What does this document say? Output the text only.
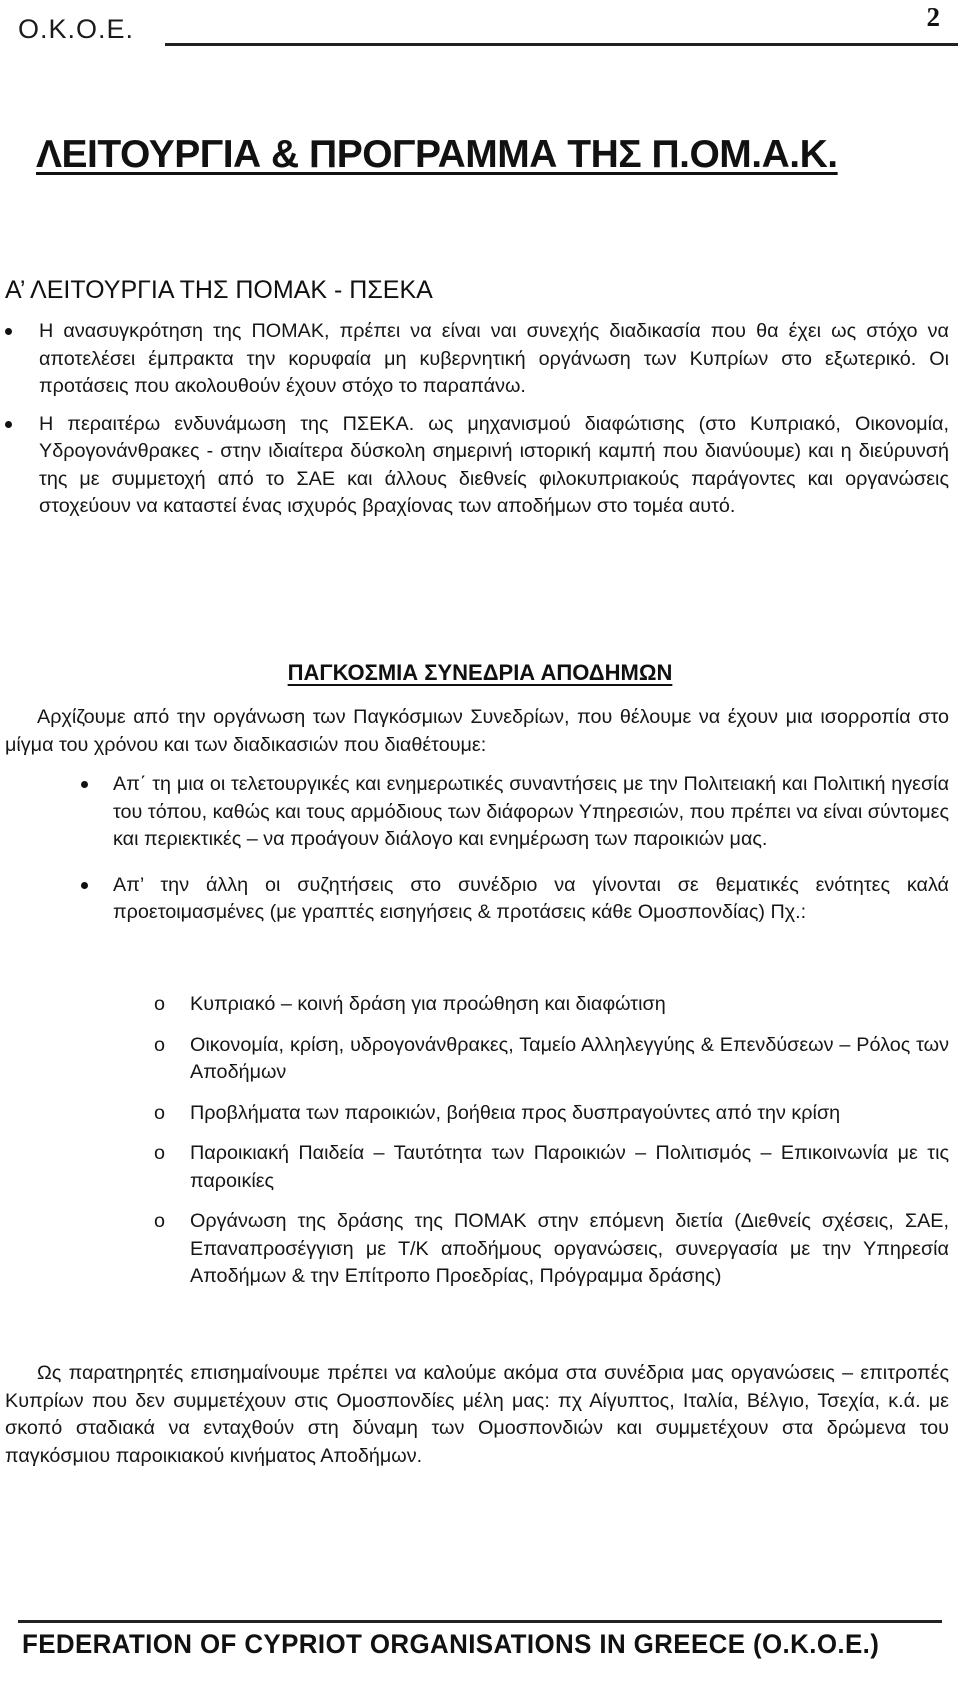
Ο.Κ.Ο.Ε.	2
ΛΕΙΤΟΥΡΓΙΑ & ΠΡΟΓΡΑΜΜΑ ΤΗΣ Π.ΟΜ.Α.Κ.
Α’ ΛΕΙΤΟΥΡΓΙΑ ΤΗΣ ΠΟΜΑΚ - ΠΣΕΚΑ
Η ανασυγκρότηση της ΠΟΜΑΚ, πρέπει να είναι ναι συνεχής διαδικασία που θα έχει ως στόχο να αποτελέσει έμπρακτα την κορυφαία μη κυβερνητική οργάνωση των Κυπρίων στο εξωτερικό. Οι προτάσεις που ακολουθούν έχουν στόχο το παραπάνω.
Η περαιτέρω ενδυνάμωση της ΠΣΕΚΑ. ως μηχανισμού διαφώτισης (στο Κυπριακό, Οικονομία, Υδρογονάνθρακες - στην ιδιαίτερα δύσκολη σημερινή ιστορική καμπή που διανύουμε) και η διεύρυνσή της με συμμετοχή από το ΣΑΕ και άλλους διεθνείς φιλοκυπριακούς παράγοντες και οργανώσεις στοχεύουν να καταστεί ένας ισχυρός βραχίονας των αποδήμων στο τομέα αυτό.
ΠΑΓΚΟΣΜΙΑ ΣΥΝΕΔΡΙΑ ΑΠΟΔΗΜΩΝ

Αρχίζουμε από την οργάνωση των Παγκόσμιων Συνεδρίων, που θέλουμε να έχουν μια ισορροπία στο μίγμα του χρόνου και των διαδικασιών που διαθέτουμε:

Απ΄ τη μια οι τελετουργικές και ενημερωτικές συναντήσεις με την Πολιτειακή και Πολιτική ηγεσία του τόπου, καθώς και τους αρμόδιους των διάφορων Υπηρεσιών, που πρέπει να είναι σύντομες και περιεκτικές – να προάγουν διάλογο και ενημέρωση των παροικιών μας.
Απ’ την άλλη οι συζητήσεις στο συνέδριο να γίνονται σε θεματικές ενότητες καλά προετοιμασμένες (με γραπτές εισηγήσεις & προτάσεις κάθε Ομοσπονδίας) Πχ.:
o Κυπριακό – κοινή δράση για προώθηση και διαφώτιση
o Οικονομία, κρίση, υδρογονάνθρακες, Ταμείο Αλληλεγγύης & Επενδύσεων – Ρόλος των Αποδήμων
o Προβλήματα των παροικιών, βοήθεια προς δυσπραγούντες από την κρίση
o Παροικιακή Παιδεία – Ταυτότητα των Παροικιών – Πολιτισμός – Επικοινωνία με τις παροικίες
o Οργάνωση της δράσης της ΠΟΜΑΚ στην επόμενη διετία (Διεθνείς σχέσεις, ΣΑΕ, Επαναπροσέγγιση με Τ/Κ αποδήμους οργανώσεις, συνεργασία με την Υπηρεσία Αποδήμων & την Επίτροπο Προεδρίας, Πρόγραμμα δράσης)

Ως παρατηρητές επισημαίνουμε πρέπει να καλούμε ακόμα στα συνέδρια μας οργανώσεις – επιτροπές Κυπρίων που δεν συμμετέχουν στις Ομοσπονδίες μέλη μας: πχ Αίγυπτος, Ιταλία, Βέλγιο, Τσεχία, κ.ά. με σκοπό σταδιακά να ενταχθούν στη δύναμη των Ομοσπονδιών και συμμετέχουν στα δρώμενα του παγκόσμιου παροικιακού κινήματος Αποδήμων.

FEDERATION OF CYPRIOT ORGANISATIONS IN GREECE (O.K.O.E.)
